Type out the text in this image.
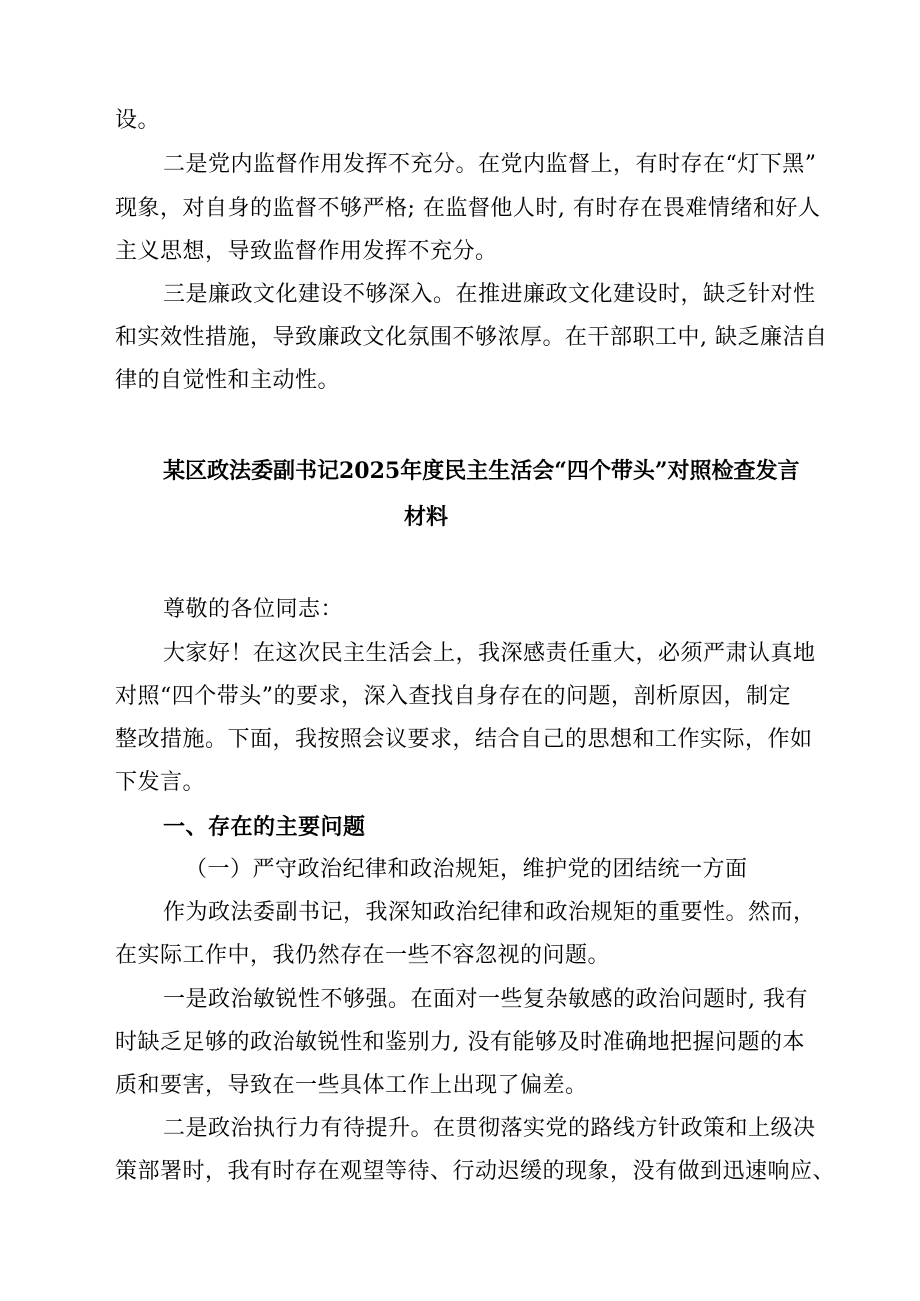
设。
二是党内监督作用发挥不充分。在党内监督上，有时存在“灯下黑”
现象，对自身的监督不够严格; 在监督他人时, 有时存在畏难情绪和好人
主义思想，导致监督作用发挥不充分。
三是廉政文化建设不够深入。在推进廉政文化建设时，缺乏针对性
和实效性措施，导致廉政文化氛围不够浓厚。在干部职工中, 缺乏廉洁自
律的自觉性和主动性。
某区政法委副书记2025年度民主生活会“四个带头”对照检查发言
材料
尊敬的各位同志：
大家好！在这次民主生活会上，我深感责任重大，必须严肃认真地
对照“四个带头”的要求，深入查找自身存在的问题，剖析原因，制定
整改措施。下面，我按照会议要求，结合自己的思想和工作实际，作如
下发言。
一、存在的主要问题
（一）严守政治纪律和政治规矩，维护党的团结统一方面
作为政法委副书记，我深知政治纪律和政治规矩的重要性。然而，
在实际工作中，我仍然存在一些不容忽视的问题。
一是政治敏锐性不够强。在面对一些复杂敏感的政治问题时, 我有
时缺乏足够的政治敏锐性和鉴别力, 没有能够及时准确地把握问题的本
质和要害，导致在一些具体工作上出现了偏差。
二是政治执行力有待提升。在贯彻落实党的路线方针政策和上级决
策部署时，我有时存在观望等待、行动迟缓的现象，没有做到迅速响应、
